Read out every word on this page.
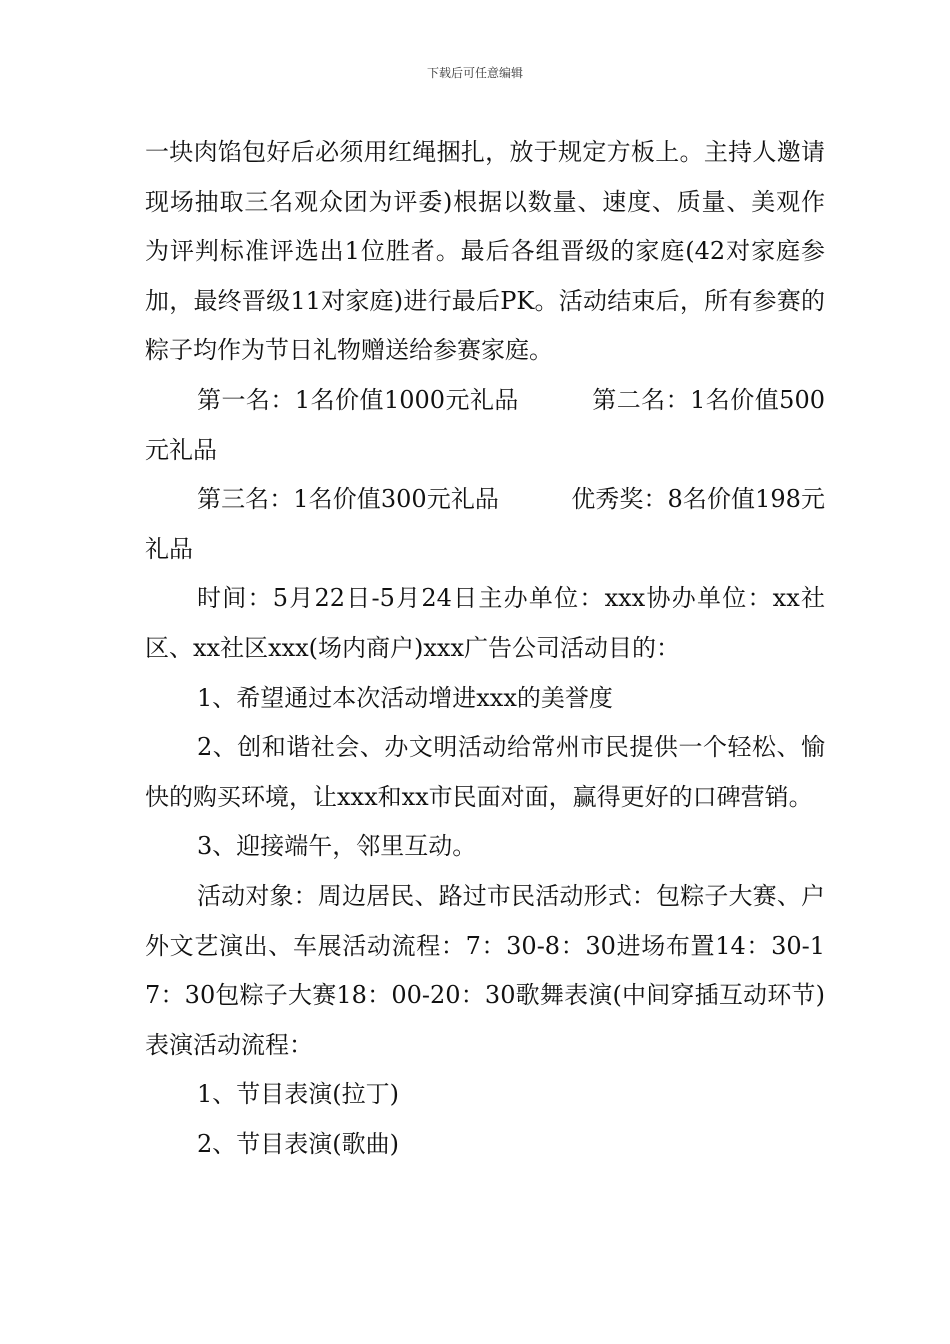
下载后可任意编辑

一块肉馅包好后必须用红绳捆扎，放于规定方板上。主持人邀请现场抽取三名观众团为评委)根据以数量、速度、质量、美观作为评判标准评选出1位胜者。最后各组晋级的家庭(42对家庭参加，最终晋级11对家庭)进行最后PK。活动结束后，所有参赛的粽子均作为节日礼物赠送给参赛家庭。

第一名：1名价值1000元礼品　　　第二名：1名价值500元礼品

第三名：1名价值300元礼品　　　优秀奖：8名价值198元礼品

时间：5月22日-5月24日主办单位：xxx协办单位：xx社区、xx社区xxx(场内商户)xxx广告公司活动目的：

1、希望通过本次活动增进xxx的美誉度

2、创和谐社会、办文明活动给常州市民提供一个轻松、愉快的购买环境，让xxx和xx市民面对面，赢得更好的口碑营销。

3、迎接端午，邻里互动。

活动对象：周边居民、路过市民活动形式：包粽子大赛、户外文艺演出、车展活动流程：7：30-8：30进场布置14：30-17：30包粽子大赛18：00-20：30歌舞表演(中间穿插互动环节)表演活动流程：

1、节目表演(拉丁)

2、节目表演(歌曲)
